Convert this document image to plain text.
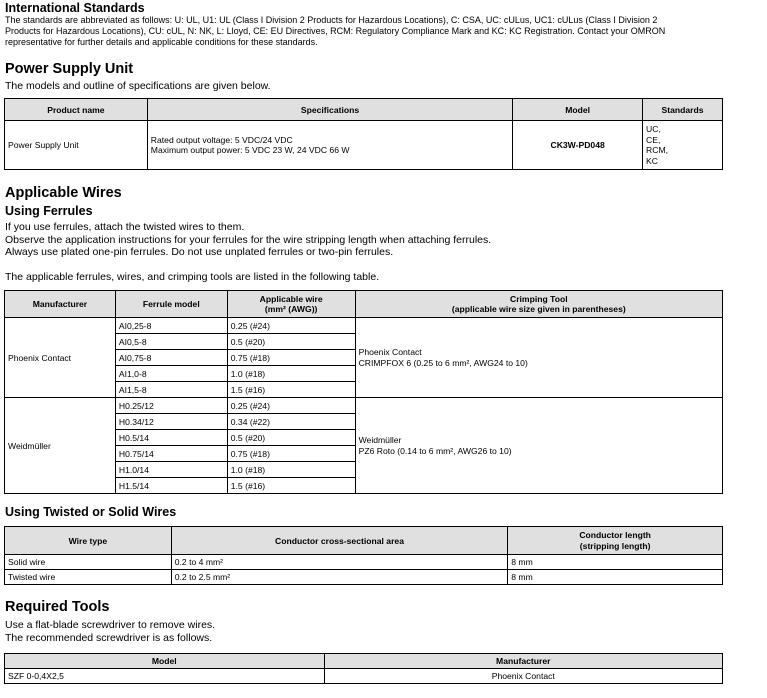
International Standards
The standards are abbreviated as follows: U: UL, U1: UL (Class I Division 2 Products for Hazardous Locations), C: CSA, UC: cULus, UC1: cULus (Class I Division 2
Products for Hazardous Locations), CU: cUL, N: NK, L: Lloyd, CE: EU Directives, RCM: Regulatory Compliance Mark and KC: KC Registration. Contact your OMRON
representative for further details and applicable conditions for these standards.
Power Supply Unit
The models and outline of specifications are given below.
Product name	Specifications	Model	Standards
Power Supply Unit	Rated output voltage: 5 VDC/24 VDC
Maximum output power: 5 VDC 23 W, 24 VDC 66 W	CK3W-PD048	UC,
CE,
RCM,
KC
Applicable Wires
Using Ferrules
If you use ferrules, attach the twisted wires to them.
Observe the application instructions for your ferrules for the wire stripping length when attaching ferrules.
Always use plated one-pin ferrules. Do not use unplated ferrules or two-pin ferrules.
The applicable ferrules, wires, and crimping tools are listed in the following table.
Manufacturer	Ferrule model	Applicable wire
(mm² (AWG))	Crimping Tool
(applicable wire size given in parentheses)

Phoenix Contact	AI0,25-8	0.25 (#24)	Phoenix Contact
CRIMPFOX 6 (0.25 to 6 mm², AWG24 to 10)

	AI0,5-8	0.5 (#20)	
	AI0,75-8	0.75 (#18)	
	AI1,0-8	1.0 (#18)	
	AI1,5-8	1.5 (#16)	
Weidmüller	H0.25/12	0.25 (#24)	Weidmüller
PZ6 Roto (0.14 to 6 mm², AWG26 to 10)

	H0.34/12	0.34 (#22)	
	H0.5/14	0.5 (#20)	
	H0.75/14	0.75 (#18)	
	H1.0/14	1.0 (#18)	
	H1.5/14	1.5 (#16)	
Using Twisted or Solid Wires
Wire type	Conductor cross-sectional area	Conductor length
(stripping length)

Solid wire	0.2 to 4 mm²	8 mm
Twisted wire	0.2 to 2.5 mm²	8 mm
Required Tools
Use a flat-blade screwdriver to remove wires.
The recommended screwdriver is as follows.
Model	Manufacturer
SZF 0-0,4X2,5	Phoenix Contact
